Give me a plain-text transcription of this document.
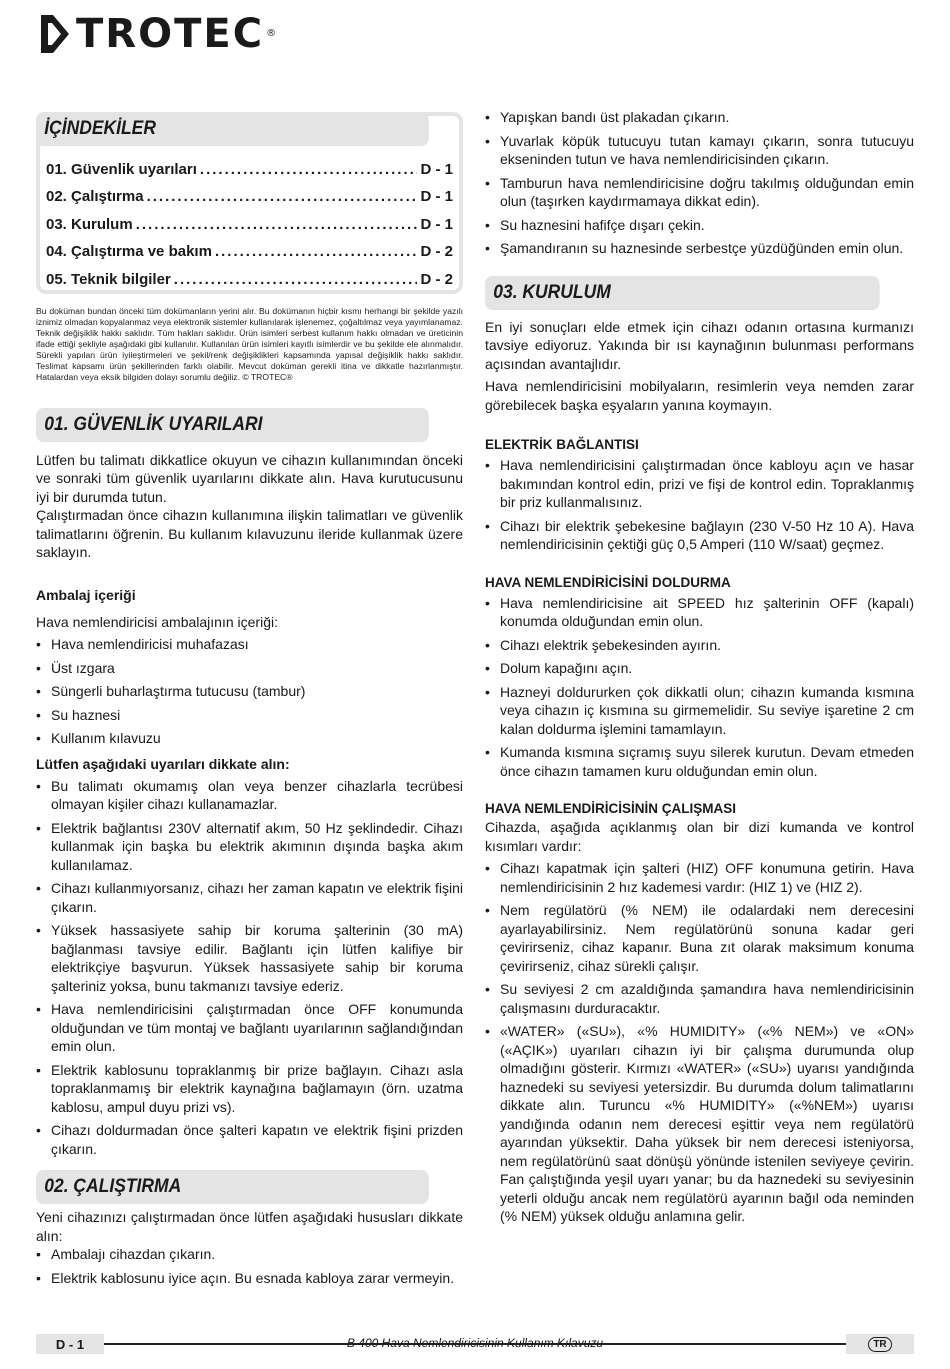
TROTEC ®
İÇİNDEKİLER
01. Güvenlik uyarıları .....	D - 1
02. Çalıştırma .....	D - 1
03. Kurulum .....	D - 1
04. Çalıştırma ve bakım .....	D - 2
05. Teknik bilgiler .....	D - 2
Bu doküman bundan önceki tüm dokümanların yerini alır. Bu dokümanın hiçbir kısmı herhangi bir şekilde yazılı iznimiz olmadan kopyalanmaz veya elektronik sistemler kullanılarak işlenemez, çoğaltılmaz veya yayımlanamaz. Teknik değişiklik hakkı saklıdır. Tüm hakları saklıdır. Ürün isimleri serbest kullanım hakkı olmadan ve üreticinin ifade ettiği şekliyle aşağıdaki gibi kullanılır. Kullanılan ürün isimleri kayıtlı isimlerdir ve bu şekilde ele alınmalıdır. Sürekli yapılan ürün iyileştirmeleri ve şekil/renk değişiklikleri kapsamında yapısal değişiklik hakkı saklıdır. Teslimat kapsamı ürün şekillerinden farklı olabilir. Mevcut doküman gerekli itina ve dikkatle hazırlanmıştır. Hatalardan veya eksik bilgiden dolayı sorumlu değiliz. © TROTEC®
01. GÜVENLİK UYARILARI

Lütfen bu talimatı dikkatlice okuyun ve cihazın kullanımından önceki ve sonraki tüm güvenlik uyarılarını dikkate alın. Hava kurutucusunu iyi bir durumda tutun.

Çalıştırmadan önce cihazın kullanımına ilişkin talimatları ve güvenlik talimatlarını öğrenin. Bu kullanım kılavuzunu ileride kullanmak üzere saklayın.

Ambalaj içeriği

Hava nemlendiricisi ambalajının içeriği:

• Hava nemlendiricisi muhafazası
• Üst ızgara
• Süngerli buharlaştırma tutucusu (tambur)
• Su haznesi
• Kullanım kılavuzu

Lütfen aşağıdaki uyarıları dikkate alın:

• Bu talimatı okumamış olan veya benzer cihazlarla tecrübesi olmayan kişiler cihazı kullanamazlar.
• Elektrik bağlantısı 230V alternatif akım, 50 Hz şeklindedir. Cihazı kullanmak için başka bu elektrik akımının dışında başka akım kullanılamaz.
• Cihazı kullanmıyorsanız, cihazı her zaman kapatın ve elektrik fişini çıkarın.
• Yüksek hassasiyete sahip bir koruma şalterinin (30 mA) bağlanması tavsiye edilir. Bağlantı için lütfen kalifiye bir elektrikçiye başvurun. Yüksek hassasiyete sahip bir koruma şalteriniz yoksa, bunu takmanızı tavsiye ederiz.
• Hava nemlendiricisini çalıştırmadan önce OFF konumunda olduğundan ve tüm montaj ve bağlantı uyarılarının sağlandığından emin olun.
• Elektrik kablosunu topraklanmış bir prize bağlayın. Cihazı asla topraklanmamış bir elektrik kaynağına bağlamayın (örn. uzatma kablosu, ampul duyu prizi vs).
• Cihazı doldurmadan önce şalteri kapatın ve elektrik fişini prizden çıkarın.
02. ÇALIŞTIRMA

Yeni cihazınızı çalıştırmadan önce lütfen aşağıdaki hususları dikkate alın:

• Ambalajı cihazdan çıkarın.
• Elektrik kablosunu iyice açın. Bu esnada kabloya zarar vermeyin.
• Yapışkan bandı üst plakadan çıkarın.
• Yuvarlak köpük tutucuyu tutan kamayı çıkarın, sonra tutucuyu ekseninden tutun ve hava nemlendiricisinden çıkarın.
• Tamburun hava nemlendiricisine doğru takılmış olduğundan emin olun (taşırken kaydırmamaya dikkat edin).
• Su haznesini hafifçe dışarı çekin.
• Şamandıranın su haznesinde serbestçe yüzdüğünden emin olun.
03. KURULUM

En iyi sonuçları elde etmek için cihazı odanın ortasına kurmanızı tavsiye ediyoruz. Yakında bir ısı kaynağının bulunması performans açısından avantajlıdır.

Hava nemlendiricisini mobilyaların, resimlerin veya nemden zarar görebilecek başka eşyaların yanına koymayın.

ELEKTRİK BAĞLANTISI

• Hava nemlendiricisini çalıştırmadan önce kabloyu açın ve hasar bakımından kontrol edin, prizi ve fişi de kontrol edin. Topraklanmış bir priz kullanmalısınız.
• Cihazı bir elektrik şebekesine bağlayın (230 V-50 Hz 10 A). Hava nemlendiricisinin çektiği güç 0,5 Amperi (110 W/saat) geçmez.

HAVA NEMLENDİRİCİSİNİ DOLDURMA

• Hava nemlendiricisine ait SPEED hız şalterinin OFF (kapalı) konumda olduğundan emin olun.
• Cihazı elektrik şebekesinden ayırın.
• Dolum kapağını açın.
• Hazneyi doldururken çok dikkatli olun; cihazın kumanda kısmına veya cihazın iç kısmına su girmemelidir. Su seviye işaretine 2 cm kalan doldurma işlemini tamamlayın.
• Kumanda kısmına sıçramış suyu silerek kurutun. Devam etmeden önce cihazın tamamen kuru olduğundan emin olun.

HAVA NEMLENDİRİCİSİNİN ÇALIŞMASI

Cihazda, aşağıda açıklanmış olan bir dizi kumanda ve kontrol kısımları vardır:

• Cihazı kapatmak için şalteri (HIZ) OFF konumuna getirin. Hava nemlendiricisinin 2 hız kademesi vardır: (HIZ 1) ve (HIZ 2).
• Nem regülatörü (% NEM) ile odalardaki nem derecesini ayarlayabilirsiniz. Nem regülatörünü sonuna kadar geri çevirirseniz, cihaz kapanır. Buna zıt olarak maksimum konuma çevirirseniz, cihaz sürekli çalışır.
• Su seviyesi 2 cm azaldığında şamandıra hava nemlendiricisinin çalışmasını durduracaktır.
• «WATER» («SU»), «% HUMIDITY» («% NEM») ve «ON» («AÇIK») uyarıları cihazın iyi bir çalışma durumunda olup olmadığını gösterir. Kırmızı «WATER» («SU») uyarısı yandığında haznedeki su seviyesi yetersizdir. Bu durumda dolum talimatlarını dikkate alın. Turuncu «% HUMIDITY» («%NEM») uyarısı yandığında odanın nem derecesi eşittir veya nem regülatörü ayarından yüksektir. Daha yüksek bir nem derecesi isteniyorsa, nem regülatörünü saat dönüşü yönünde istenilen seviyeye çevirin. Fan çalıştığında yeşil uyarı yanar; bu da haznedeki su seviyesinin yeterli olduğu ancak nem regülatörü ayarının bağıl oda neminden (% NEM) yüksek olduğu anlamına gelir.
D - 1	B 400 Hava Nemlendiricisinin Kullanım Kılavuzu	TR
